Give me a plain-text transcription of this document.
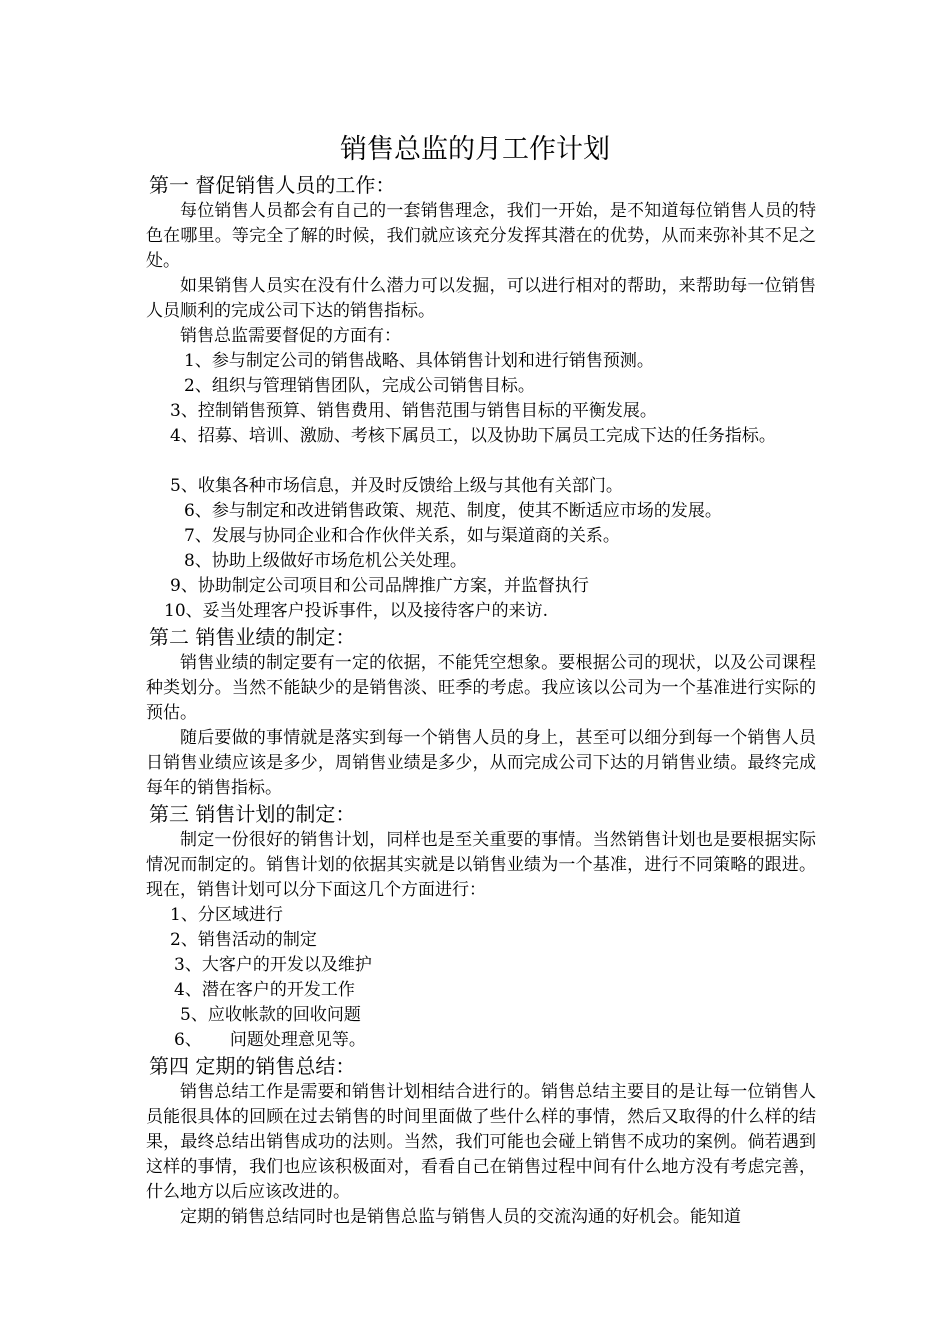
销售总监的月工作计划
第一 督促销售人员的工作：

每位销售人员都会有自己的一套销售理念，我们一开始，是不知道每位销售人员的特色在哪里。等完全了解的时候，我们就应该充分发挥其潜在的优势，从而来弥补其不足之处。

如果销售人员实在没有什么潜力可以发掘，可以进行相对的帮助，来帮助每一位销售人员顺利的完成公司下达的销售指标。

销售总监需要督促的方面有：

1、参与制定公司的销售战略、具体销售计划和进行销售预测。

2、组织与管理销售团队，完成公司销售目标。

3、控制销售预算、销售费用、销售范围与销售目标的平衡发展。

4、招募、培训、激励、考核下属员工，以及协助下属员工完成下达的任务指标。

5、收集各种市场信息，并及时反馈给上级与其他有关部门。

6、参与制定和改进销售政策、规范、制度，使其不断适应市场的发展。

7、发展与协同企业和合作伙伴关系，如与渠道商的关系。

8、协助上级做好市场危机公关处理。

9、协助制定公司项目和公司品牌推广方案，并监督执行

10、妥当处理客户投诉事件，以及接待客户的来访.

第二 销售业绩的制定：

销售业绩的制定要有一定的依据，不能凭空想象。要根据公司的现状，以及公司课程种类划分。当然不能缺少的是销售淡、旺季的考虑。我应该以公司为一个基准进行实际的预估。

随后要做的事情就是落实到每一个销售人员的身上，甚至可以细分到每一个销售人员日销售业绩应该是多少，周销售业绩是多少，从而完成公司下达的月销售业绩。最终完成每年的销售指标。

第三 销售计划的制定：

制定一份很好的销售计划，同样也是至关重要的事情。当然销售计划也是要根据实际情况而制定的。销售计划的依据其实就是以销售业绩为一个基准，进行不同策略的跟进。现在，销售计划可以分下面这几个方面进行：

1、分区域进行

2、销售活动的制定

3、大客户的开发以及维护

4、潜在客户的开发工作

5、应收帐款的回收问题

6、 问题处理意见等。

第四 定期的销售总结：

销售总结工作是需要和销售计划相结合进行的。销售总结主要目的是让每一位销售人员能很具体的回顾在过去销售的时间里面做了些什么样的事情，然后又取得的什么样的结果，最终总结出销售成功的法则。当然，我们可能也会碰上销售不成功的案例。倘若遇到这样的事情，我们也应该积极面对，看看自己在销售过程中间有什么地方没有考虑完善，什么地方以后应该改进的。

定期的销售总结同时也是销售总监与销售人员的交流沟通的好机会。能知道
